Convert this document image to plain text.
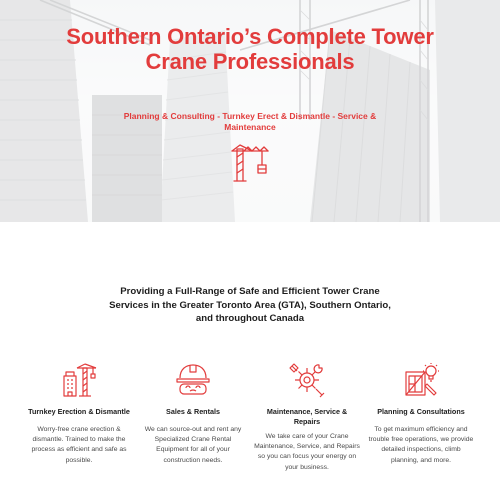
Southern Ontario’s Complete Tower Crane Professionals

Planning & Consulting - Turnkey Erect & Dismantle - Service & Maintenance

Providing a Full-Range of Safe and Efficient Tower Crane Services in the Greater Toronto Area (GTA), Southern Ontario, and throughout Canada
Turnkey Erection & Dismantle
Worry-free crane erection & dismantle. Trained to make the process as efficient and safe as possible.
Sales & Rentals
We can source-out and rent any Specialized Crane Rental Equipment for all of your construction needs.
Maintenance, Service & Repairs
We take care of your Crane Maintenance, Service, and Repairs so you can focus your energy on your business.
Planning & Consultations
To get maximum efficiency and trouble free operations, we provide detailed inspections, climb planning, and more.
